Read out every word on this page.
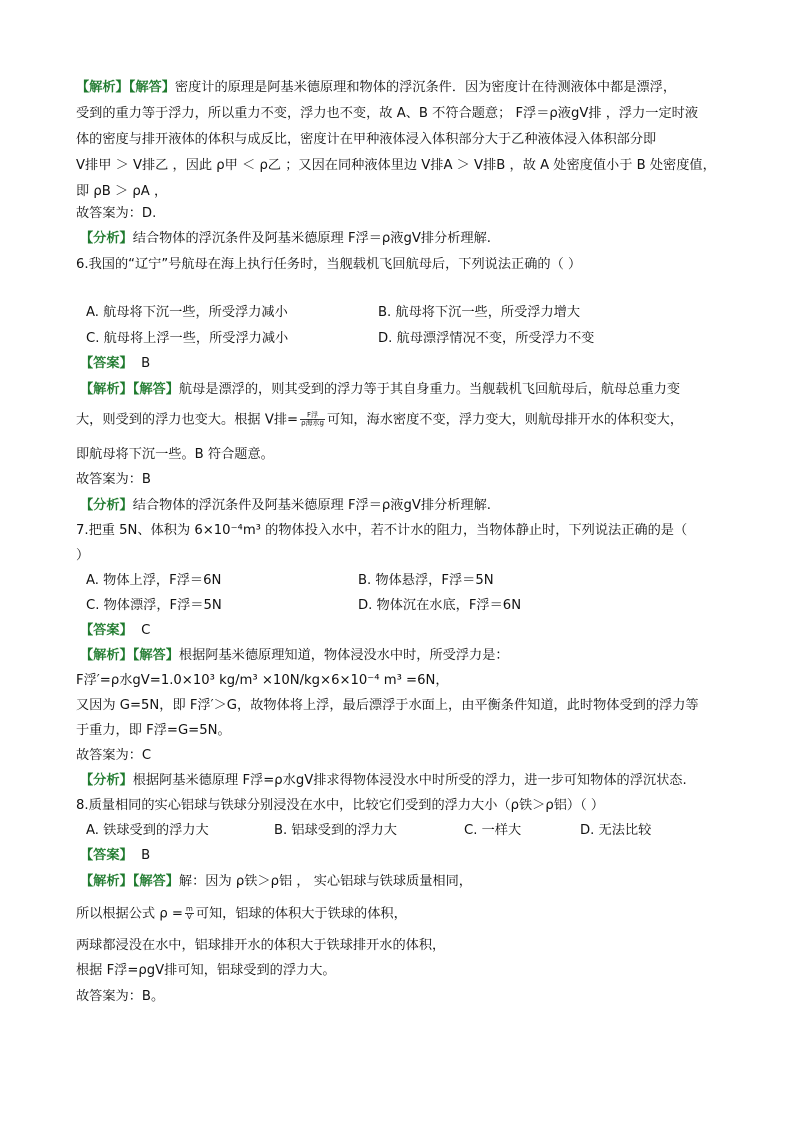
【解析】【解答】密度计的原理是阿基米德原理和物体的浮沉条件．因为密度计在待测液体中都是漂浮，
受到的重力等于浮力，所以重力不变，浮力也不变，故 A、B 不符合题意； F浮＝ρ液gV排 ，浮力一定时液
体的密度与排开液体的体积与成反比，密度计在甲种液体浸入体积部分大于乙种液体浸入体积部分即
V排甲 ＞ V排乙 ，因此 ρ甲 ＜ ρ乙 ；又因在同种液体里边 V排A ＞ V排B ，故 A 处密度值小于 B 处密度值，
即 ρB ＞ ρA ，
故答案为：D.
【分析】结合物体的浮沉条件及阿基米德原理 F浮＝ρ液gV排分析理解.
6.我国的“辽宁”号航母在海上执行任务时，当舰载机飞回航母后，下列说法正确的（ ）
A. 航母将下沉一些，所受浮力减小	B. 航母将下沉一些，所受浮力增大
C. 航母将上浮一些，所受浮力减小	D. 航母漂浮情况不变，所受浮力不变
【答案】 B
【解析】【解答】航母是漂浮的，则其受到的浮力等于其自身重力。当舰载机飞回航母后，航母总重力变
大，则受到的浮力也变大。根据 V排= $\frac{\text{F浮}}{\text{ρ海水g}}$ 可知，海水密度不变，浮力变大，则航母排开水的体积变大，
即航母将下沉一些。B 符合题意。
故答案为：B
【分析】结合物体的浮沉条件及阿基米德原理 F浮＝ρ液gV排分析理解.
7.把重 5N、体积为 6×10⁻⁴m³ 的物体投入水中，若不计水的阻力，当物体静止时，下列说法正确的是（
）
A. 物体上浮，F浮＝6N	B. 物体悬浮，F浮＝5N
C. 物体漂浮，F浮＝5N	D. 物体沉在水底，F浮＝6N
【答案】 C
【解析】【解答】根据阿基米德原理知道，物体浸没水中时，所受浮力是：
F浮′=ρ水gV=1.0×10³ kg/m³ ×10N/kg×6×10⁻⁴ m³ =6N，
又因为 G=5N，即 F浮′＞G，故物体将上浮，最后漂浮于水面上，由平衡条件知道，此时物体受到的浮力等
于重力，即 F浮=G=5N。
故答案为：C
【分析】根据阿基米德原理 F浮=ρ水gV排求得物体浸没水中时所受的浮力，进一步可知物体的浮沉状态.
8.质量相同的实心铝球与铁球分别浸没在水中，比较它们受到的浮力大小（ρ铁＞ρ铝）（ ）
A. 铁球受到的浮力大	B. 铝球受到的浮力大	C. 一样大	D. 无法比较
【答案】 B
【解析】【解答】解：因为 ρ铁＞ρ铝 ， 实心铝球与铁球质量相同，
所以根据公式 $\rho = \frac{m}{V}$ 可知，铝球的体积大于铁球的体积，
两球都浸没在水中，铝球排开水的体积大于铁球排开水的体积，
根据 F浮=ρgV排可知，铝球受到的浮力大。
故答案为：B。
